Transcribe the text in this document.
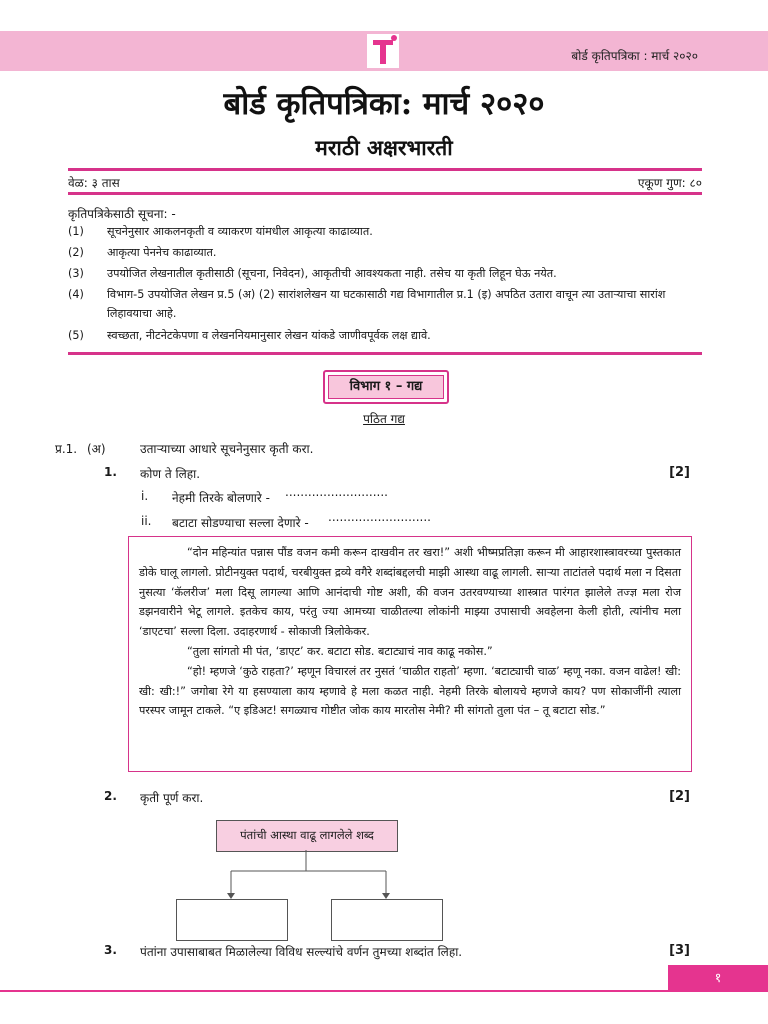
बोर्ड कृतिपत्रिका : मार्च २०२०
बोर्ड कृतिपत्रिका: मार्च २०२०
मराठी अक्षरभारती
वेळ: ३ तास	एकूण गुण: ८०
कृतिपत्रिकेसाठी सूचना: -
(1) सूचनेनुसार आकलनकृती व व्याकरण यांमधील आकृत्या काढाव्यात.
(2) आकृत्या पेननेच काढाव्यात.
(3) उपयोजित लेखनातील कृतीसाठी (सूचना, निवेदन), आकृतीची आवश्यकता नाही. तसेच या कृती लिहून घेऊ नयेत.
(4) विभाग-5 उपयोजित लेखन प्र.5 (अ) (2) सारांशलेखन या घटकासाठी गद्य विभागातील प्र.1 (इ) अपठित उतारा वाचून त्या उताऱ्याचा सारांश लिहावयाचा आहे.
(5) स्वच्छता, नीटनेटकेपणा व लेखननियमानुसार लेखन यांकडे जाणीवपूर्वक लक्ष द्यावे.
विभाग १ – गद्य
पठित गद्य
प्र.1. (अ)	उताऱ्याच्या आधारे सूचनेनुसार कृती करा.
1. कोण ते लिहा.	[2]
i. नेहमी तिरके बोलणारे - ...........................
ii. बटाटा सोडण्याचा सल्ला देणारे - ...........................

“दोन महिन्यांत पन्नास पौंड वजन कमी करून दाखवीन तर खरा!” अशी भीष्मप्रतिज्ञा करून मी आहारशास्त्रावरच्या पुस्तकात डोके घालू लागलो. प्रोटीनयुक्त पदार्थ, चरबीयुक्त द्रव्ये वगैरे शब्दांबद्दलची माझी आस्था वाढू लागली. साऱ्या ताटांतले पदार्थ मला न दिसता नुसत्या ‘कॅलरीज’ मला दिसू लागल्या आणि आनंदाची गोष्ट अशी, की वजन उतरवण्याच्या शास्त्रात पारंगत झालेले तज्ज्ञ मला रोज डझनवारीने भेटू लागले. इतकेच काय, परंतु ज्या आमच्या चाळीतल्या लोकांनी माझ्या उपासाची अवहेलना केली होती, त्यांनीच मला ‘डाएटचा’ सल्ला दिला. उदाहरणार्थ - सोकाजी त्रिलोकेकर.

“तुला सांगतो मी पंत, ‘डाएट’ कर. बटाटा सोड. बटाट्याचं नाव काढू नकोस.”

“हो! म्हणजे ‘कुठे राहता?’ म्हणून विचारलं तर नुसतं ‘चाळीत राहतो’ म्हणा. ‘बटाट्याची चाळ’ म्हणू नका. वजन वाढेल! खी: खी: खी:!” जगोबा रेगे या हसण्याला काय म्हणावे हे मला कळत नाही. नेहमी तिरके बोलायचे म्हणजे काय? पण सोकाजींनी त्याला परस्पर जामून टाकले. “ए इडिअट! सगळ्याच गोष्टीत जोक काय मारतोस नेमी? मी सांगतो तुला पंत – तू बटाटा सोड.”

2. कृती पूर्ण करा.	[2]
पंतांची आस्था वाढू लागलेले शब्द
3. पंतांना उपासाबाबत मिळालेल्या विविध सल्ल्यांचे वर्णन तुमच्या शब्दांत लिहा.	[3]
१
